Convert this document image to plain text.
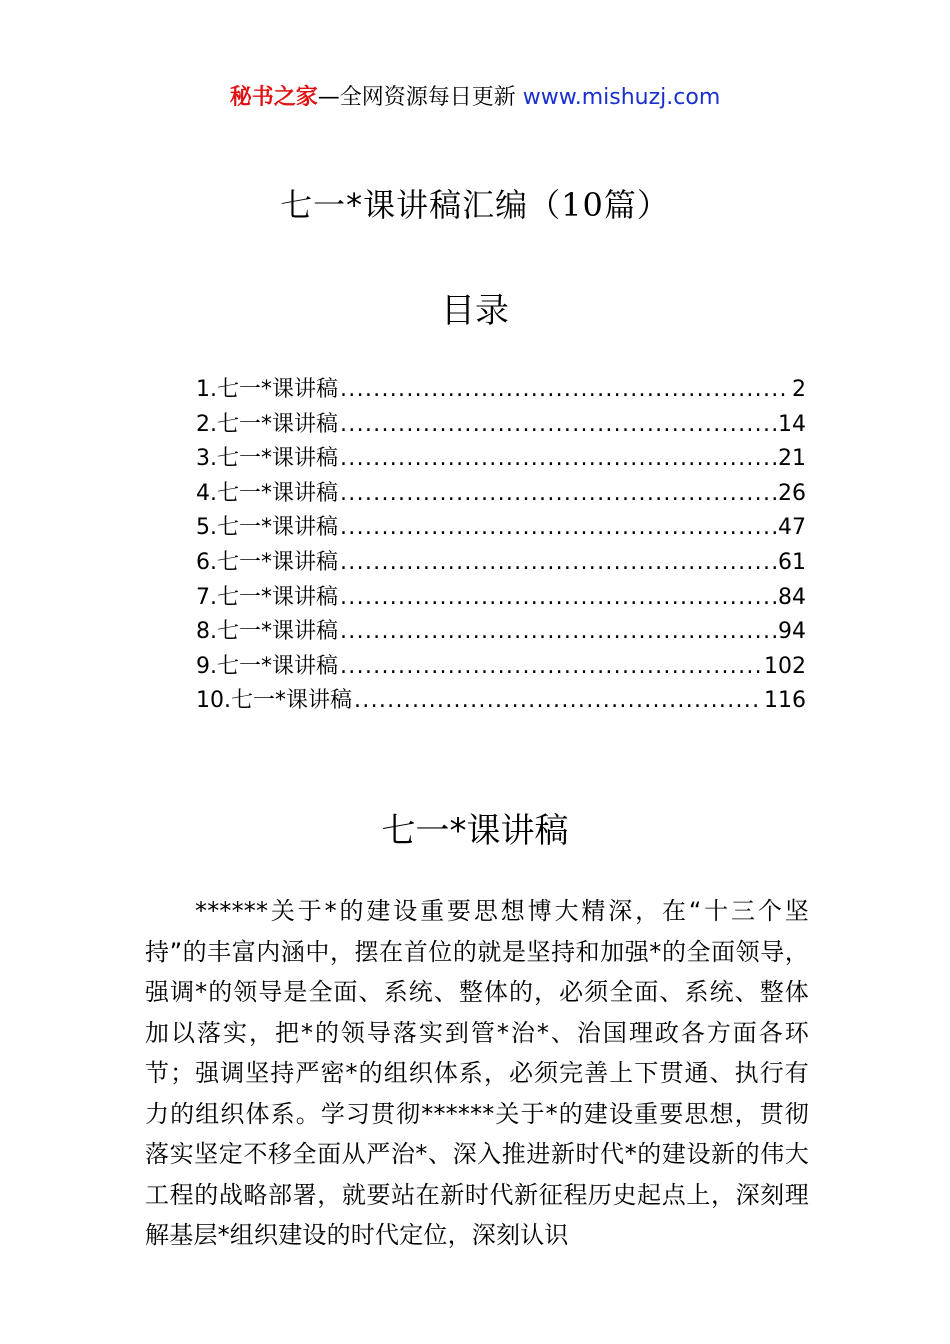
秘书之家—全网资源每日更新 www.mishuzj.com
七一*课讲稿汇编（10篇）
目录
1.七一*课讲稿 .....	2
2.七一*课讲稿 .....	14
3.七一*课讲稿 .....	21
4.七一*课讲稿 .....	26
5.七一*课讲稿 .....	47
6.七一*课讲稿 .....	61
7.七一*课讲稿 .....	84
8.七一*课讲稿 .....	94
9.七一*课讲稿 .....	102
10.七一*课讲稿 .....	116
七一*课讲稿
******关于*的建设重要思想博大精深，在“十三个坚持”的丰富内涵中，摆在首位的就是坚持和加强*的全面领导，强调*的领导是全面、系统、整体的，必须全面、系统、整体加以落实，把*的领导落实到管*治*、治国理政各方面各环节；强调坚持严密*的组织体系，必须完善上下贯通、执行有力的组织体系。学习贯彻******关于*的建设重要思想，贯彻落实坚定不移全面从严治*、深入推进新时代*的建设新的伟大工程的战略部署，就要站在新时代新征程历史起点上，深刻理解基层*组织建设的时代定位，深刻认识
